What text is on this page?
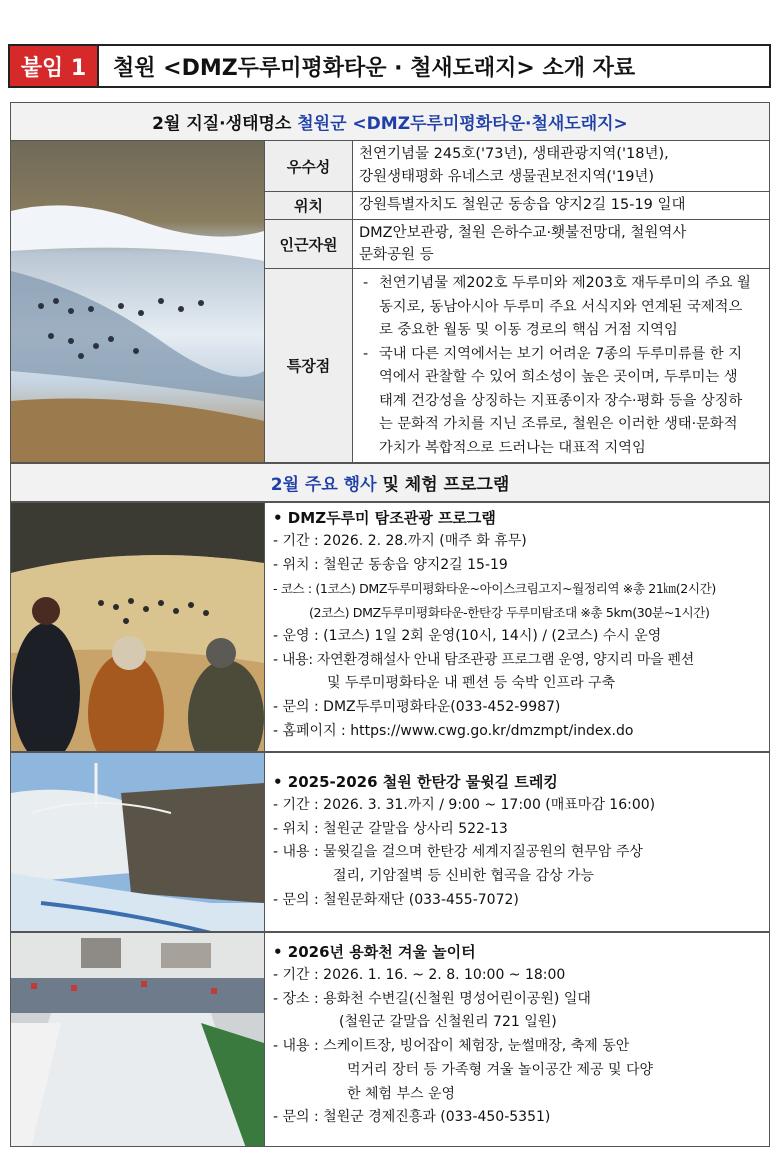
붙임 1	철원 <DMZ두루미평화타운 · 철새도래지> 소개 자료
2월 지질·생태명소 철원군 <DMZ두루미평화타운·철새도래지>
우수성
천연기념물 245호('73년), 생태관광지역('18년),
강원생태평화 유네스코 생물권보전지역('19년)
위치	강원특별자치도 철원군 동송읍 양지2길 15-19 일대
인근자원
DMZ안보관광, 철원 은하수교·횃불전망대, 철원역사
문화공원 등
특장점
- 천연기념물 제202호 두루미와 제203호 재두루미의 주요 월
동지로, 동남아시아 두루미 주요 서식지와 연계된 국제적으
로 중요한 월동 및 이동 경로의 핵심 거점 지역임
- 국내 다른 지역에서는 보기 어려운 7종의 두루미류를 한 지
역에서 관찰할 수 있어 희소성이 높은 곳이며, 두루미는 생
태계 건강성을 상징하는 지표종이자 장수·평화 등을 상징하
는 문화적 가치를 지닌 조류로, 철원은 이러한 생태·문화적
가치가 복합적으로 드러나는 대표적 지역임
2월 주요 행사 및 체험 프로그램
• DMZ두루미 탐조관광 프로그램
- 기간 : 2026. 2. 28.까지 (매주 화 휴무)
- 위치 : 철원군 동송읍 양지2길 15-19
- 코스 : (1코스) DMZ두루미평화타운~아이스크림고지~월정리역 ※총 21㎞(2시간)
(2코스) DMZ두루미평화타운-한탄강 두루미탐조대 ※총 5km(30분~1시간)
- 운영 : (1코스) 1일 2회 운영(10시, 14시) / (2코스) 수시 운영
- 내용: 자연환경해설사 안내 탐조관광 프로그램 운영, 양지리 마을 펜션
및 두루미평화타운 내 펜션 등 숙박 인프라 구축
- 문의 : DMZ두루미평화타운(033-452-9987)
- 홈페이지 : https://www.cwg.go.kr/dmzmpt/index.do
• 2025-2026 철원 한탄강 물윗길 트레킹
- 기간 : 2026. 3. 31.까지 / 9:00 ~ 17:00 (매표마감 16:00)
- 위치 : 철원군 갈말읍 상사리 522-13
- 내용 : 물윗길을 걸으며 한탄강 세계지질공원의 현무암 주상
절리, 기암절벽 등 신비한 협곡을 감상 가능
- 문의 : 철원문화재단 (033-455-7072)
• 2026년 용화천 겨울 놀이터
- 기간 : 2026. 1. 16. ~ 2. 8. 10:00 ~ 18:00
- 장소 : 용화천 수변길(신철원 명성어린이공원) 일대
(철원군 갈말읍 신철원리 721 일원)
- 내용 : 스케이트장, 빙어잡이 체험장, 눈썰매장, 축제 동안
먹거리 장터 등 가족형 겨울 놀이공간 제공 및 다양
한 체험 부스 운영
- 문의 : 철원군 경제진흥과 (033-450-5351)
